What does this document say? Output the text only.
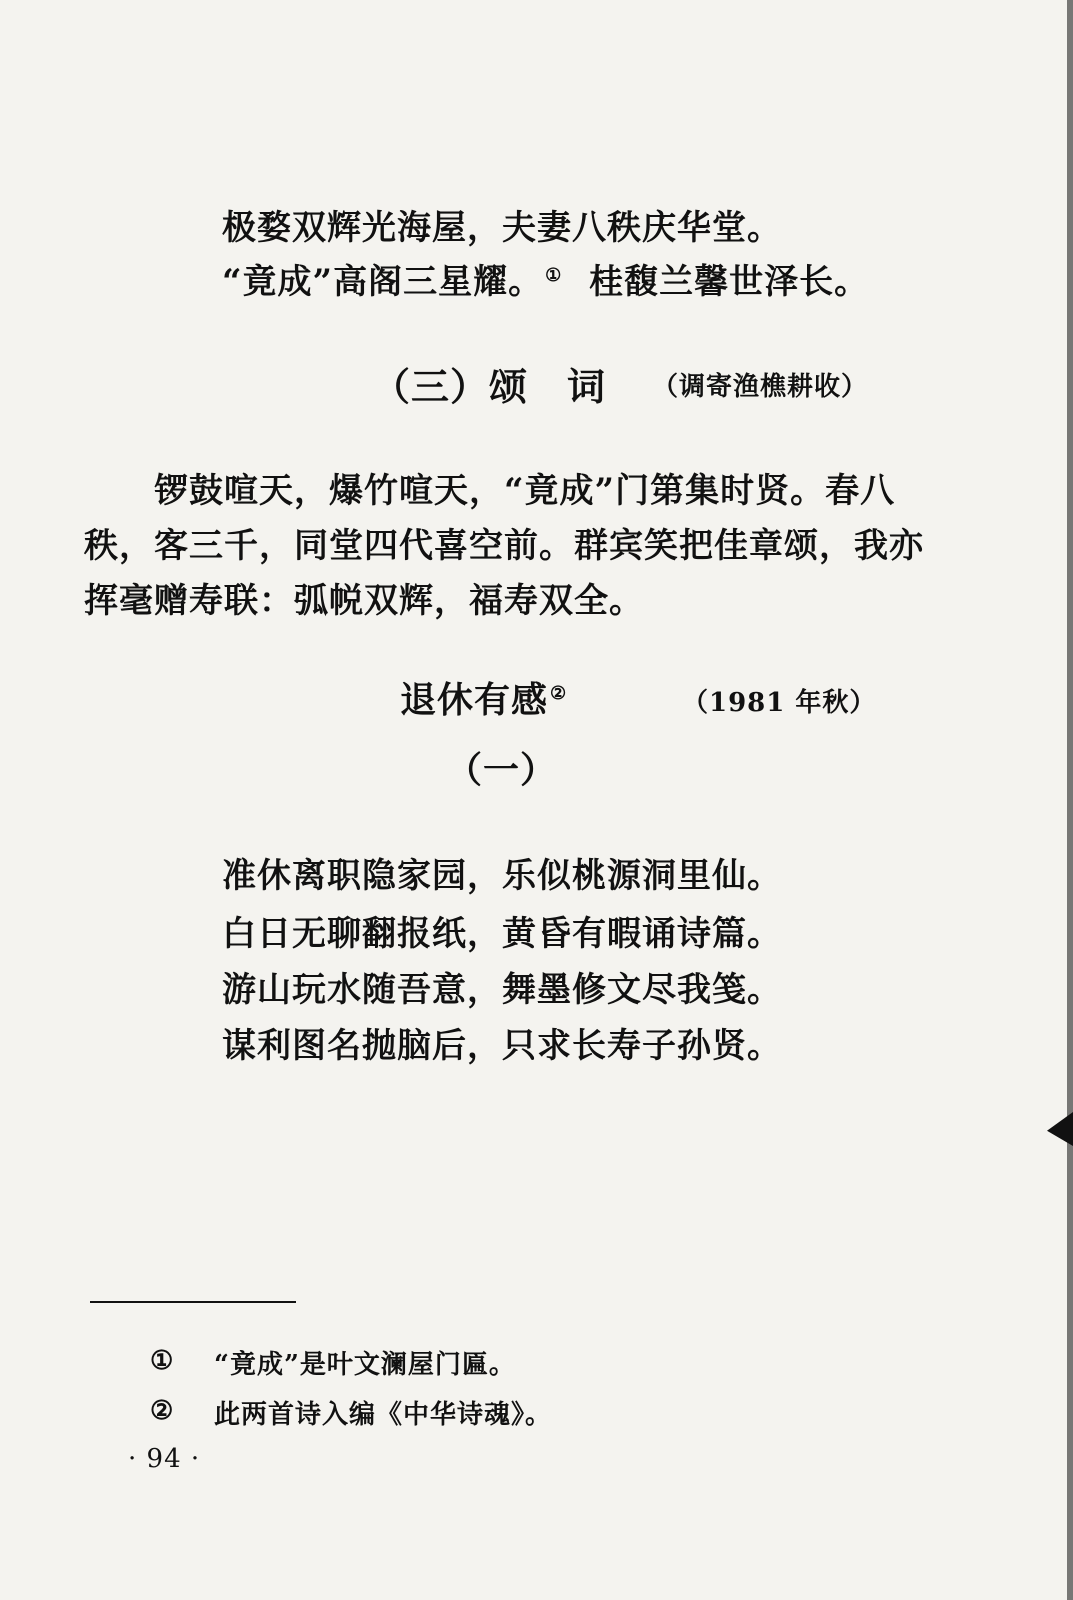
极婺双辉光海屋，夫妻八秩庆华堂。
“竟成”高阁三星耀。 ① 桂馥兰馨世泽长。
（三）颂　词 （调寄渔樵耕收）
锣鼓喧天，爆竹喧天，“竟成”门第集时贤。春八
秩，客三千，同堂四代喜空前。群宾笑把佳章颂，我亦
挥毫赠寿联：弧帨双辉，福寿双全。
退休有感 ②	（1981 年秋）
（一）
准休离职隐家园，乐似桃源洞里仙。
白日无聊翻报纸，黄昏有暇诵诗篇。
游山玩水随吾意，舞墨修文尽我笺。
谋利图名抛脑后，只求长寿子孙贤。
① “竟成”是叶文澜屋门匾。
② 此两首诗入编《中华诗魂》。
· 94 ·
